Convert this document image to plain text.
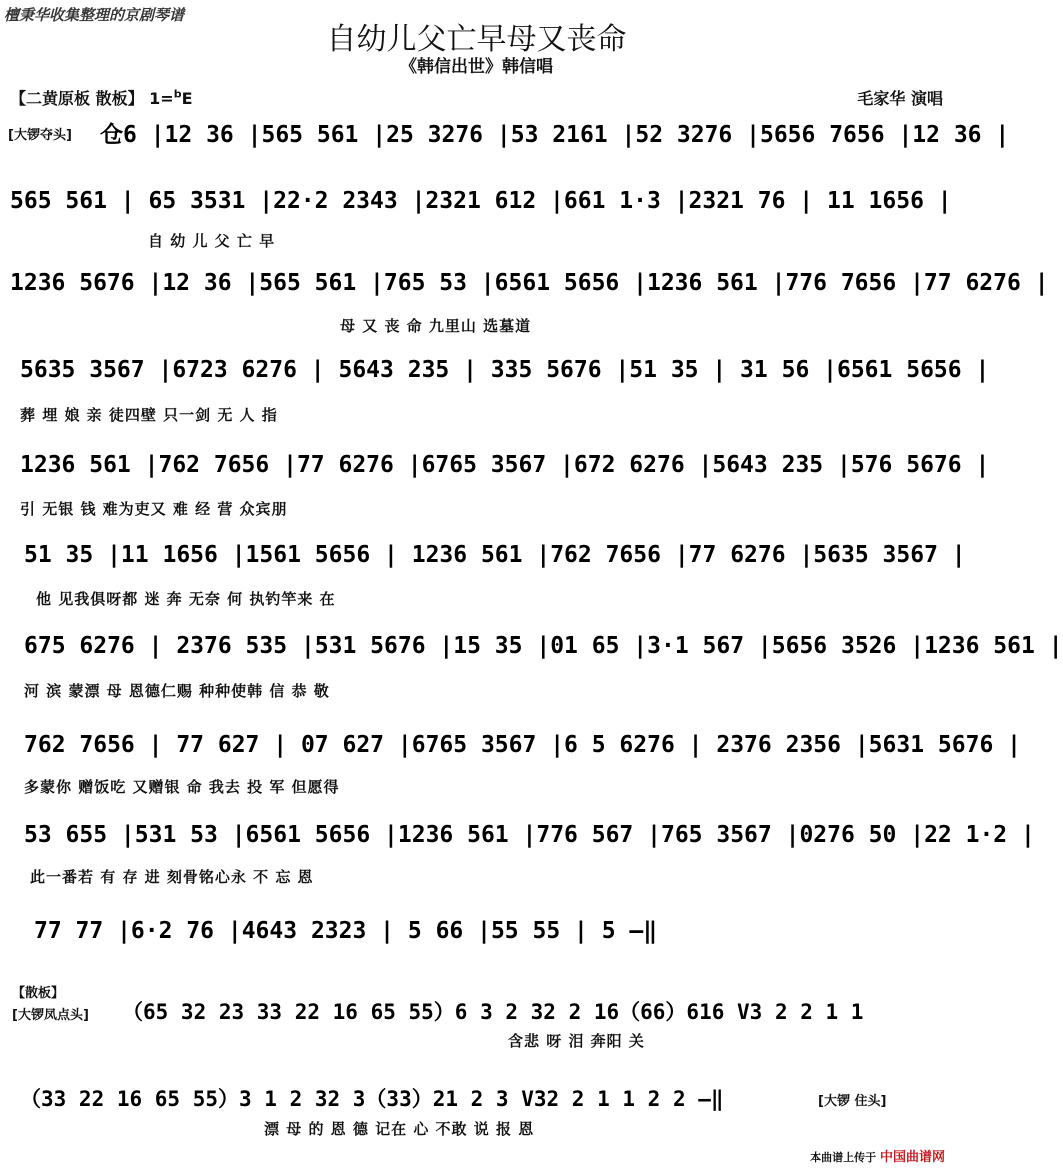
檀秉华收集整理的京剧琴谱
自幼儿父亡早母又丧命
《韩信出世》韩信唱
【二黄原板 散板】 1=$^b$E	毛家华 演唱
[大锣夺头] 仓6 |12 36 |565 561 |25 3276 |53 2161 |52 3276 |5656 7656 |12 36 |
565 561 | 65 3531 |22·2 2343 |2321 612 |661 1·3 |2321 76 | 11 1656 |
自 幼 儿 父 亡 早
1236 5676 |12 36 |565 561 |765 53 |6561 5656 |1236 561 |776 7656 |77 6276 |
母 又 丧 命 九里山 选墓道
5635 3567 |6723 6276 | 5643 235 | 335 5676 |51 35 | 31 56 |6561 5656 |
葬 埋 娘 亲 徒四壁 只一剑 无 人 指
1236 561 |762 7656 |77 6276 |6765 3567 |672 6276 |5643 235 |576 5676 |
引 无银 钱 难为吏又 难 经 营 众宾朋
51 35 |11 1656 |1561 5656 | 1236 561 |762 7656 |77 6276 |5635 3567 |
他 见我俱呀都 迷 奔 无奈 何 执钓竿来 在
675 6276 | 2376 535 |531 5676 |15 35 |01 65 |3·1 567 |5656 3526 |1236 561 |
河 滨 蒙漂 母 恩德仁赐 种种使韩 信 恭 敬
762 7656 | 77 627 | 07 627 |6765 3567 |6 5 6276 | 2376 2356 |5631 5676 |
多蒙你 赠饭吃 又赠银 命 我去 投 军 但愿得
53 655 |531 53 |6561 5656 |1236 561 |776 567 |765 3567 |0276 50 |22 1·2 |
此一番若 有 存 进 刻骨铭心永 不 忘 恩
77 77 |6·2 76 |4643 2323 | 5 66 |55 55 | 5 –‖
【散板】
[大锣凤点头] （65 32 23 33 22 16 65 55）6 3 2 32 2 16（66）616 V3 2 2 1 1
含悲 呀 泪 奔阳 关
（33 22 16 65 55）3 1 2 32 3（33）21 2 3 V32 2 1 1 2 2 –‖	[大锣 住头]
漂 母 的 恩 德 记在 心 不敢 说 报 恩
本曲谱上传于 中国曲谱网
